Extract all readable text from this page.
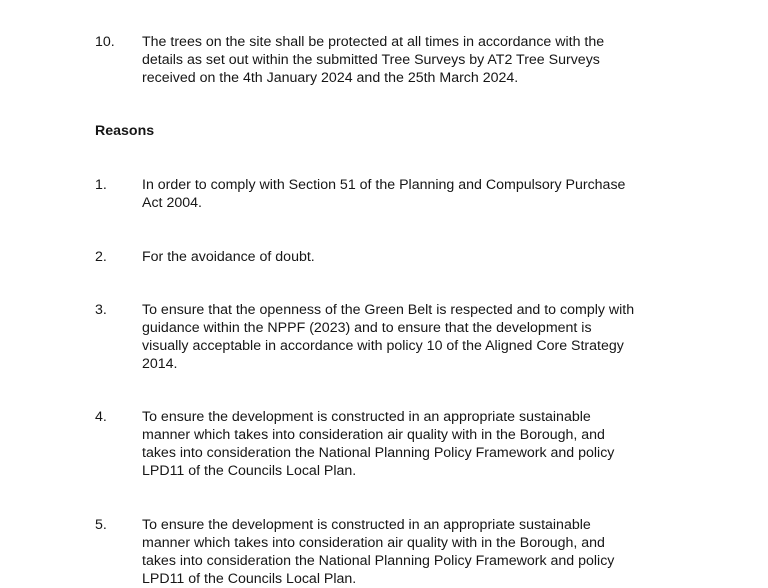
10. The trees on the site shall be protected at all times in accordance with the
details as set out within the submitted Tree Surveys by AT2 Tree Surveys
received on the 4th January 2024 and the 25th March 2024.
Reasons
1. In order to comply with Section 51 of the Planning and Compulsory Purchase
Act 2004.
2. For the avoidance of doubt.
3. To ensure that the openness of the Green Belt is respected and to comply with
guidance within the NPPF (2023) and to ensure that the development is
visually acceptable in accordance with policy 10 of the Aligned Core Strategy
2014.
4. To ensure the development is constructed in an appropriate sustainable
manner which takes into consideration air quality with in the Borough, and
takes into consideration the National Planning Policy Framework and policy
LPD11 of the Councils Local Plan.
5. To ensure the development is constructed in an appropriate sustainable
manner which takes into consideration air quality with in the Borough, and
takes into consideration the National Planning Policy Framework and policy
LPD11 of the Councils Local Plan.
